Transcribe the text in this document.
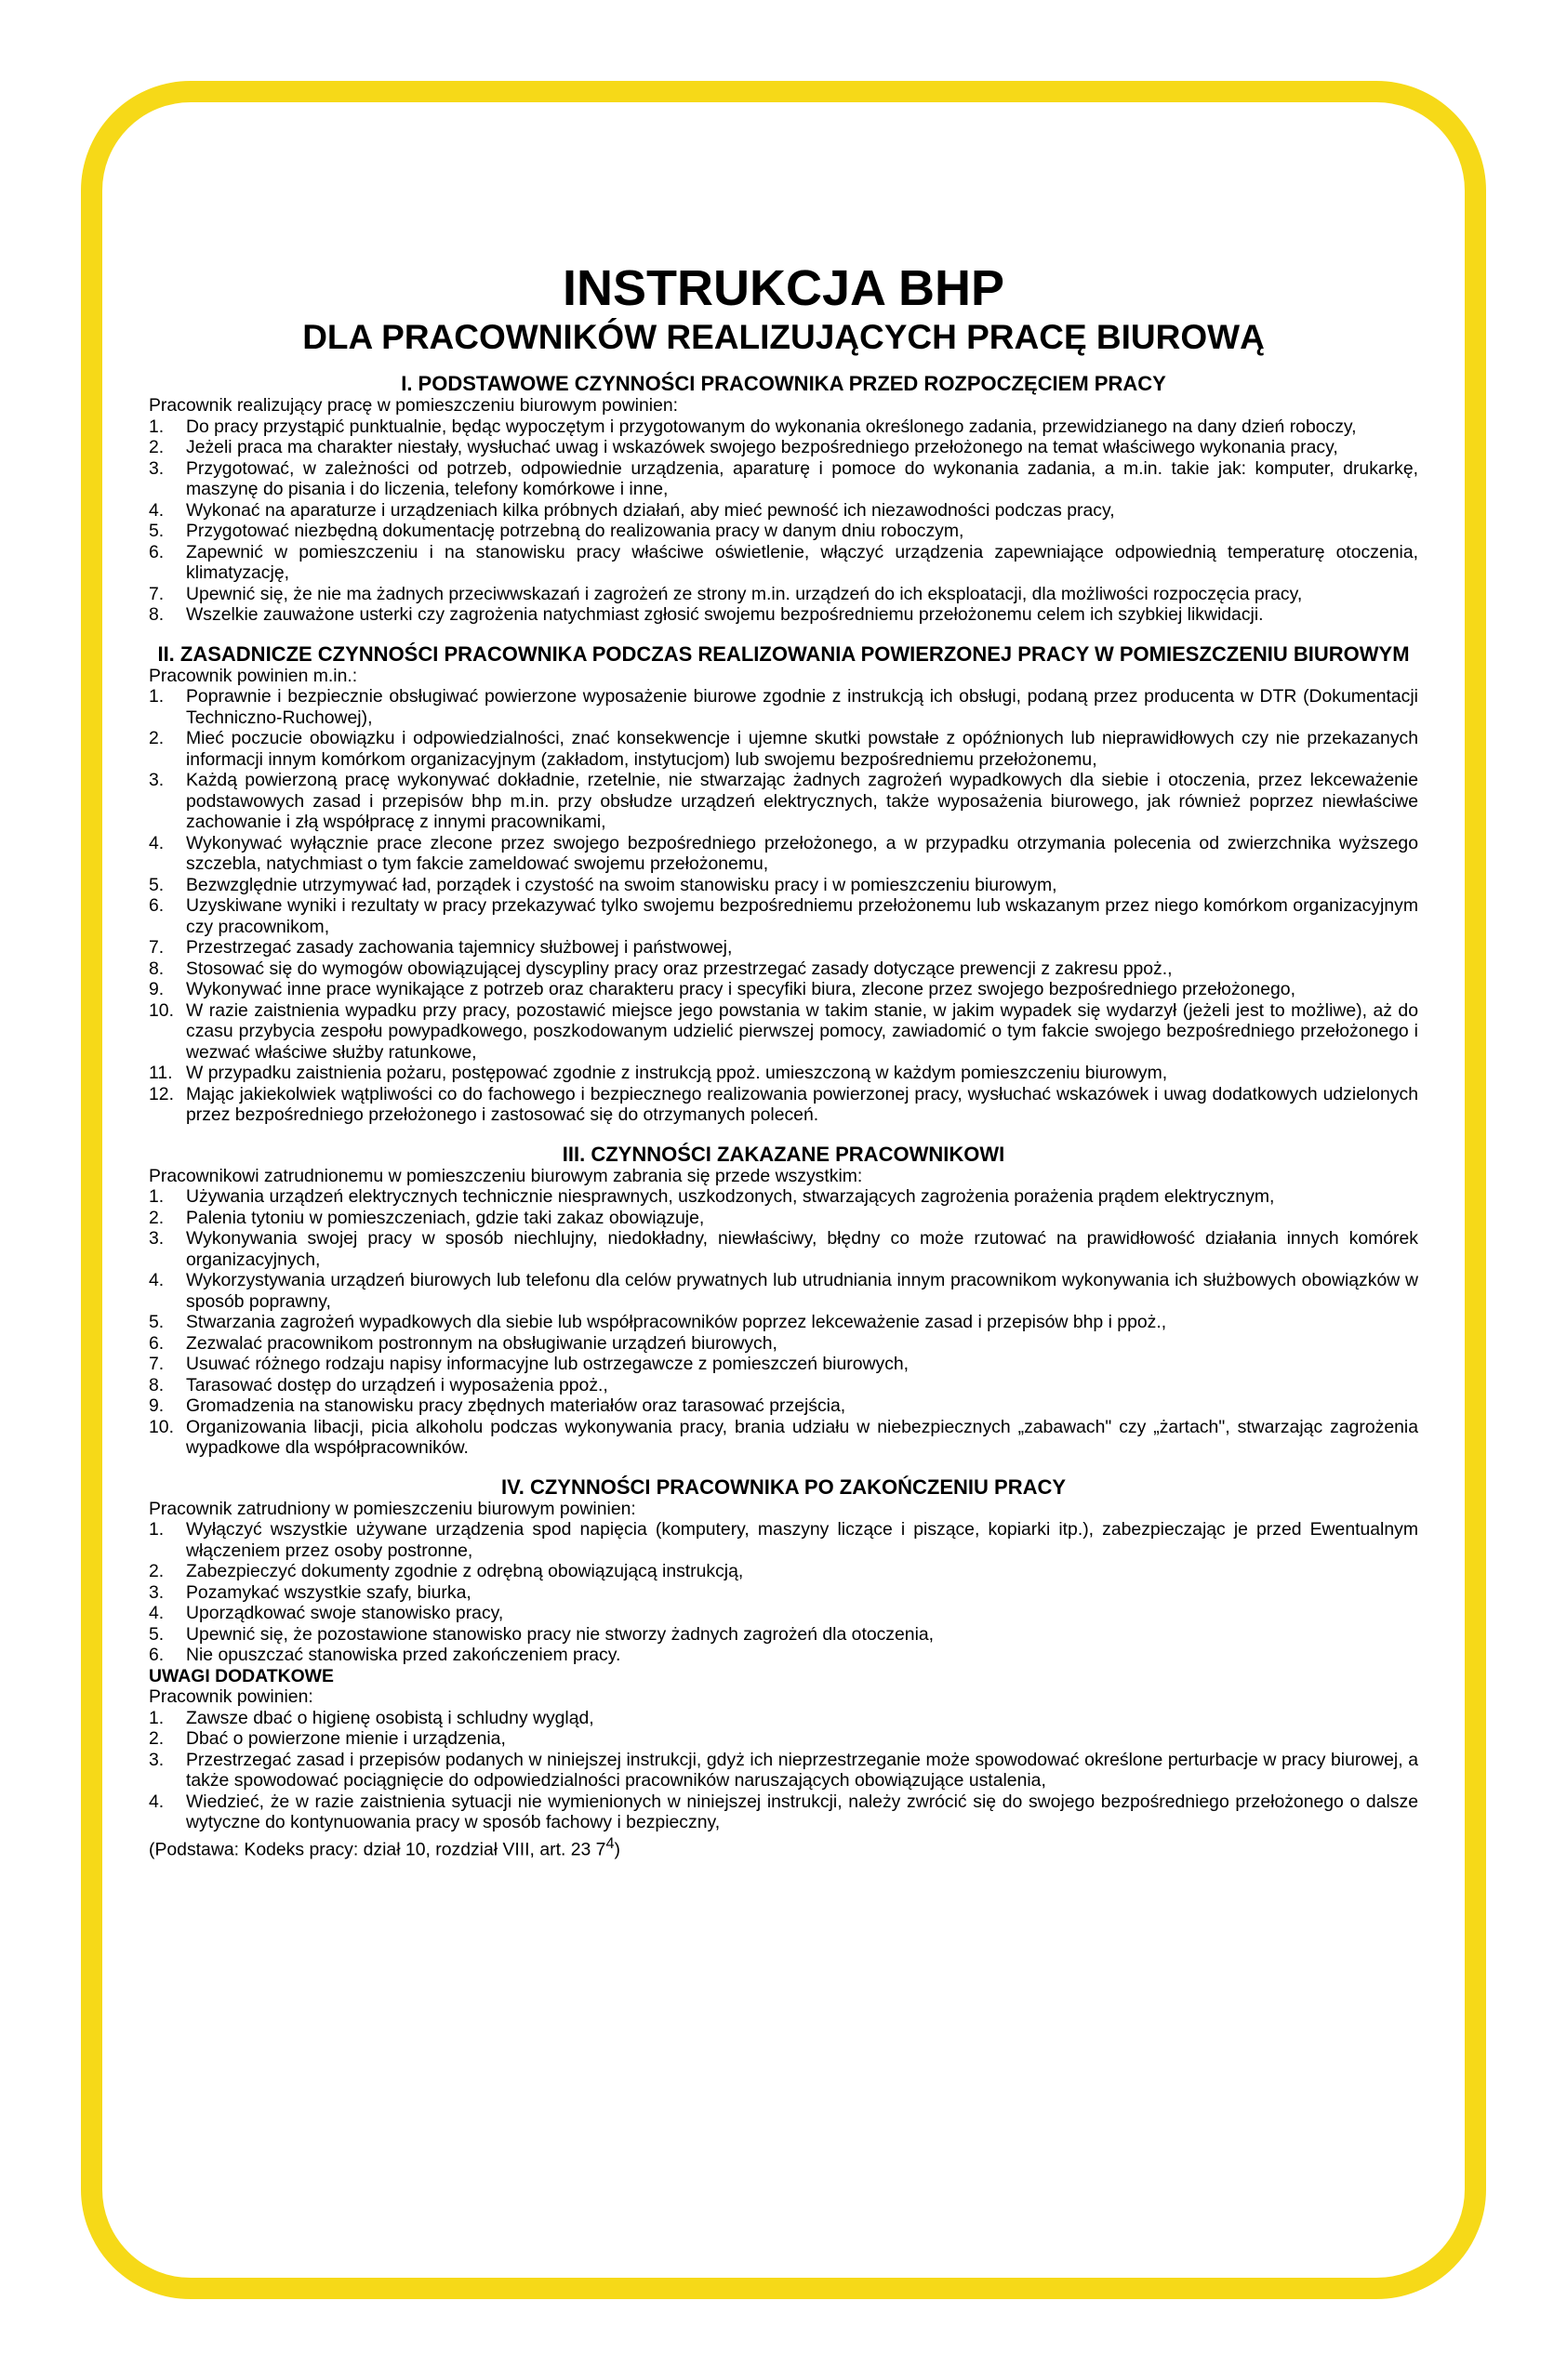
INSTRUKCJA BHP
DLA PRACOWNIKÓW REALIZUJĄCYCH PRACĘ BIUROWĄ

I. PODSTAWOWE CZYNNOŚCI PRACOWNIKA PRZED ROZPOCZĘCIEM PRACY

Pracownik realizujący pracę w pomieszczeniu biurowym powinien:

1. Do pracy przystąpić punktualnie, będąc wypoczętym i przygotowanym do wykonania określonego zadania, przewidzianego na dany dzień roboczy,
2. Jeżeli praca ma charakter niestały, wysłuchać uwag i wskazówek swojego bezpośredniego przełożonego na temat właściwego wykonania pracy,
3. Przygotować, w zależności od potrzeb, odpowiednie urządzenia, aparaturę i pomoce do wykonania zadania, a m.in. takie jak: komputer, drukarkę, maszynę do pisania i do liczenia, telefony komórkowe i inne,
4. Wykonać na aparaturze i urządzeniach kilka próbnych działań, aby mieć pewność ich niezawodności podczas pracy,
5. Przygotować niezbędną dokumentację potrzebną do realizowania pracy w danym dniu roboczym,
6. Zapewnić w pomieszczeniu i na stanowisku pracy właściwe oświetlenie, włączyć urządzenia zapewniające odpowiednią temperaturę otoczenia, klimatyzację,
7. Upewnić się, że nie ma żadnych przeciwwskazań i zagrożeń ze strony m.in. urządzeń do ich eksploatacji, dla możliwości rozpoczęcia pracy,
8. Wszelkie zauważone usterki czy zagrożenia natychmiast zgłosić swojemu bezpośredniemu przełożonemu celem ich szybkiej likwidacji.

II. ZASADNICZE CZYNNOŚCI PRACOWNIKA PODCZAS REALIZOWANIA POWIERZONEJ PRACY W POMIESZCZENIU BIUROWYM

Pracownik powinien m.in.:

1. Poprawnie i bezpiecznie obsługiwać powierzone wyposażenie biurowe zgodnie z instrukcją ich obsługi, podaną przez producenta w DTR (Dokumentacji Techniczno-Ruchowej),
2. Mieć poczucie obowiązku i odpowiedzialności, znać konsekwencje i ujemne skutki powstałe z opóźnionych lub nieprawidłowych czy nie przekazanych informacji innym komórkom organizacyjnym (zakładom, instytucjom) lub swojemu bezpośredniemu przełożonemu,
3. Każdą powierzoną pracę wykonywać dokładnie, rzetelnie, nie stwarzając żadnych zagrożeń wypadkowych dla siebie i otoczenia, przez lekceważenie podstawowych zasad i przepisów bhp m.in. przy obsłudze urządzeń elektrycznych, także wyposażenia biurowego, jak również poprzez niewłaściwe zachowanie i złą współpracę z innymi pracownikami,
4. Wykonywać wyłącznie prace zlecone przez swojego bezpośredniego przełożonego, a w przypadku otrzymania polecenia od zwierzchnika wyższego szczebla, natychmiast o tym fakcie zameldować swojemu przełożonemu,
5. Bezwzględnie utrzymywać ład, porządek i czystość na swoim stanowisku pracy i w pomieszczeniu biurowym,
6. Uzyskiwane wyniki i rezultaty w pracy przekazywać tylko swojemu bezpośredniemu przełożonemu lub wskazanym przez niego komórkom organizacyjnym czy pracownikom,
7. Przestrzegać zasady zachowania tajemnicy służbowej i państwowej,
8. Stosować się do wymogów obowiązującej dyscypliny pracy oraz przestrzegać zasady dotyczące prewencji z zakresu ppoż.,
9. Wykonywać inne prace wynikające z potrzeb oraz charakteru pracy i specyfiki biura, zlecone przez swojego bezpośredniego przełożonego,
10. W razie zaistnienia wypadku przy pracy, pozostawić miejsce jego powstania w takim stanie, w jakim wypadek się wydarzył (jeżeli jest to możliwe), aż do czasu przybycia zespołu powypadkowego, poszkodowanym udzielić pierwszej pomocy, zawiadomić o tym fakcie swojego bezpośredniego przełożonego i wezwać właściwe służby ratunkowe,
11. W przypadku zaistnienia pożaru, postępować zgodnie z instrukcją ppoż. umieszczoną w każdym pomieszczeniu biurowym,
12. Mając jakiekolwiek wątpliwości co do fachowego i bezpiecznego realizowania powierzonej pracy, wysłuchać wskazówek i uwag dodatkowych udzielonych przez bezpośredniego przełożonego i zastosować się do otrzymanych poleceń.

III. CZYNNOŚCI ZAKAZANE PRACOWNIKOWI

Pracownikowi zatrudnionemu w pomieszczeniu biurowym zabrania się przede wszystkim:

1. Używania urządzeń elektrycznych technicznie niesprawnych, uszkodzonych, stwarzających zagrożenia porażenia prądem elektrycznym,
2. Palenia tytoniu w pomieszczeniach, gdzie taki zakaz obowiązuje,
3. Wykonywania swojej pracy w sposób niechlujny, niedokładny, niewłaściwy, błędny co może rzutować na prawidłowość działania innych komórek organizacyjnych,
4. Wykorzystywania urządzeń biurowych lub telefonu dla celów prywatnych lub utrudniania innym pracownikom wykonywania ich służbowych obowiązków w sposób poprawny,
5. Stwarzania zagrożeń wypadkowych dla siebie lub współpracowników poprzez lekceważenie zasad i przepisów bhp i ppoż.,
6. Zezwalać pracownikom postronnym na obsługiwanie urządzeń biurowych,
7. Usuwać różnego rodzaju napisy informacyjne lub ostrzegawcze z pomieszczeń biurowych,
8. Tarasować dostęp do urządzeń i wyposażenia ppoż.,
9. Gromadzenia na stanowisku pracy zbędnych materiałów oraz tarasować przejścia,
10. Organizowania libacji, picia alkoholu podczas wykonywania pracy, brania udziału w niebezpiecznych „zabawach" czy „żartach", stwarzając zagrożenia wypadkowe dla współpracowników.

IV. CZYNNOŚCI PRACOWNIKA PO ZAKOŃCZENIU PRACY

Pracownik zatrudniony w pomieszczeniu biurowym powinien:

1. Wyłączyć wszystkie używane urządzenia spod napięcia (komputery, maszyny liczące i piszące, kopiarki itp.), zabezpieczając je przed Ewentualnym włączeniem przez osoby postronne,
2. Zabezpieczyć dokumenty zgodnie z odrębną obowiązującą instrukcją,
3. Pozamykać wszystkie szafy, biurka,
4. Uporządkować swoje stanowisko pracy,
5. Upewnić się, że pozostawione stanowisko pracy nie stworzy żadnych zagrożeń dla otoczenia,
6. Nie opuszczać stanowiska przed zakończeniem pracy.

UWAGI DODATKOWE

Pracownik powinien:

1. Zawsze dbać o higienę osobistą i schludny wygląd,
2. Dbać o powierzone mienie i urządzenia,
3. Przestrzegać zasad i przepisów podanych w niniejszej instrukcji, gdyż ich nieprzestrzeganie może spowodować określone perturbacje w pracy biurowej, a także spowodować pociągnięcie do odpowiedzialności pracowników naruszających obowiązujące ustalenia,
4. Wiedzieć, że w razie zaistnienia sytuacji nie wymienionych w niniejszej instrukcji, należy zwrócić się do swojego bezpośredniego przełożonego o dalsze wytyczne do kontynuowania pracy w sposób fachowy i bezpieczny,

(Podstawa: Kodeks pracy: dział 10, rozdział VIII, art. 23 $7^4$)
